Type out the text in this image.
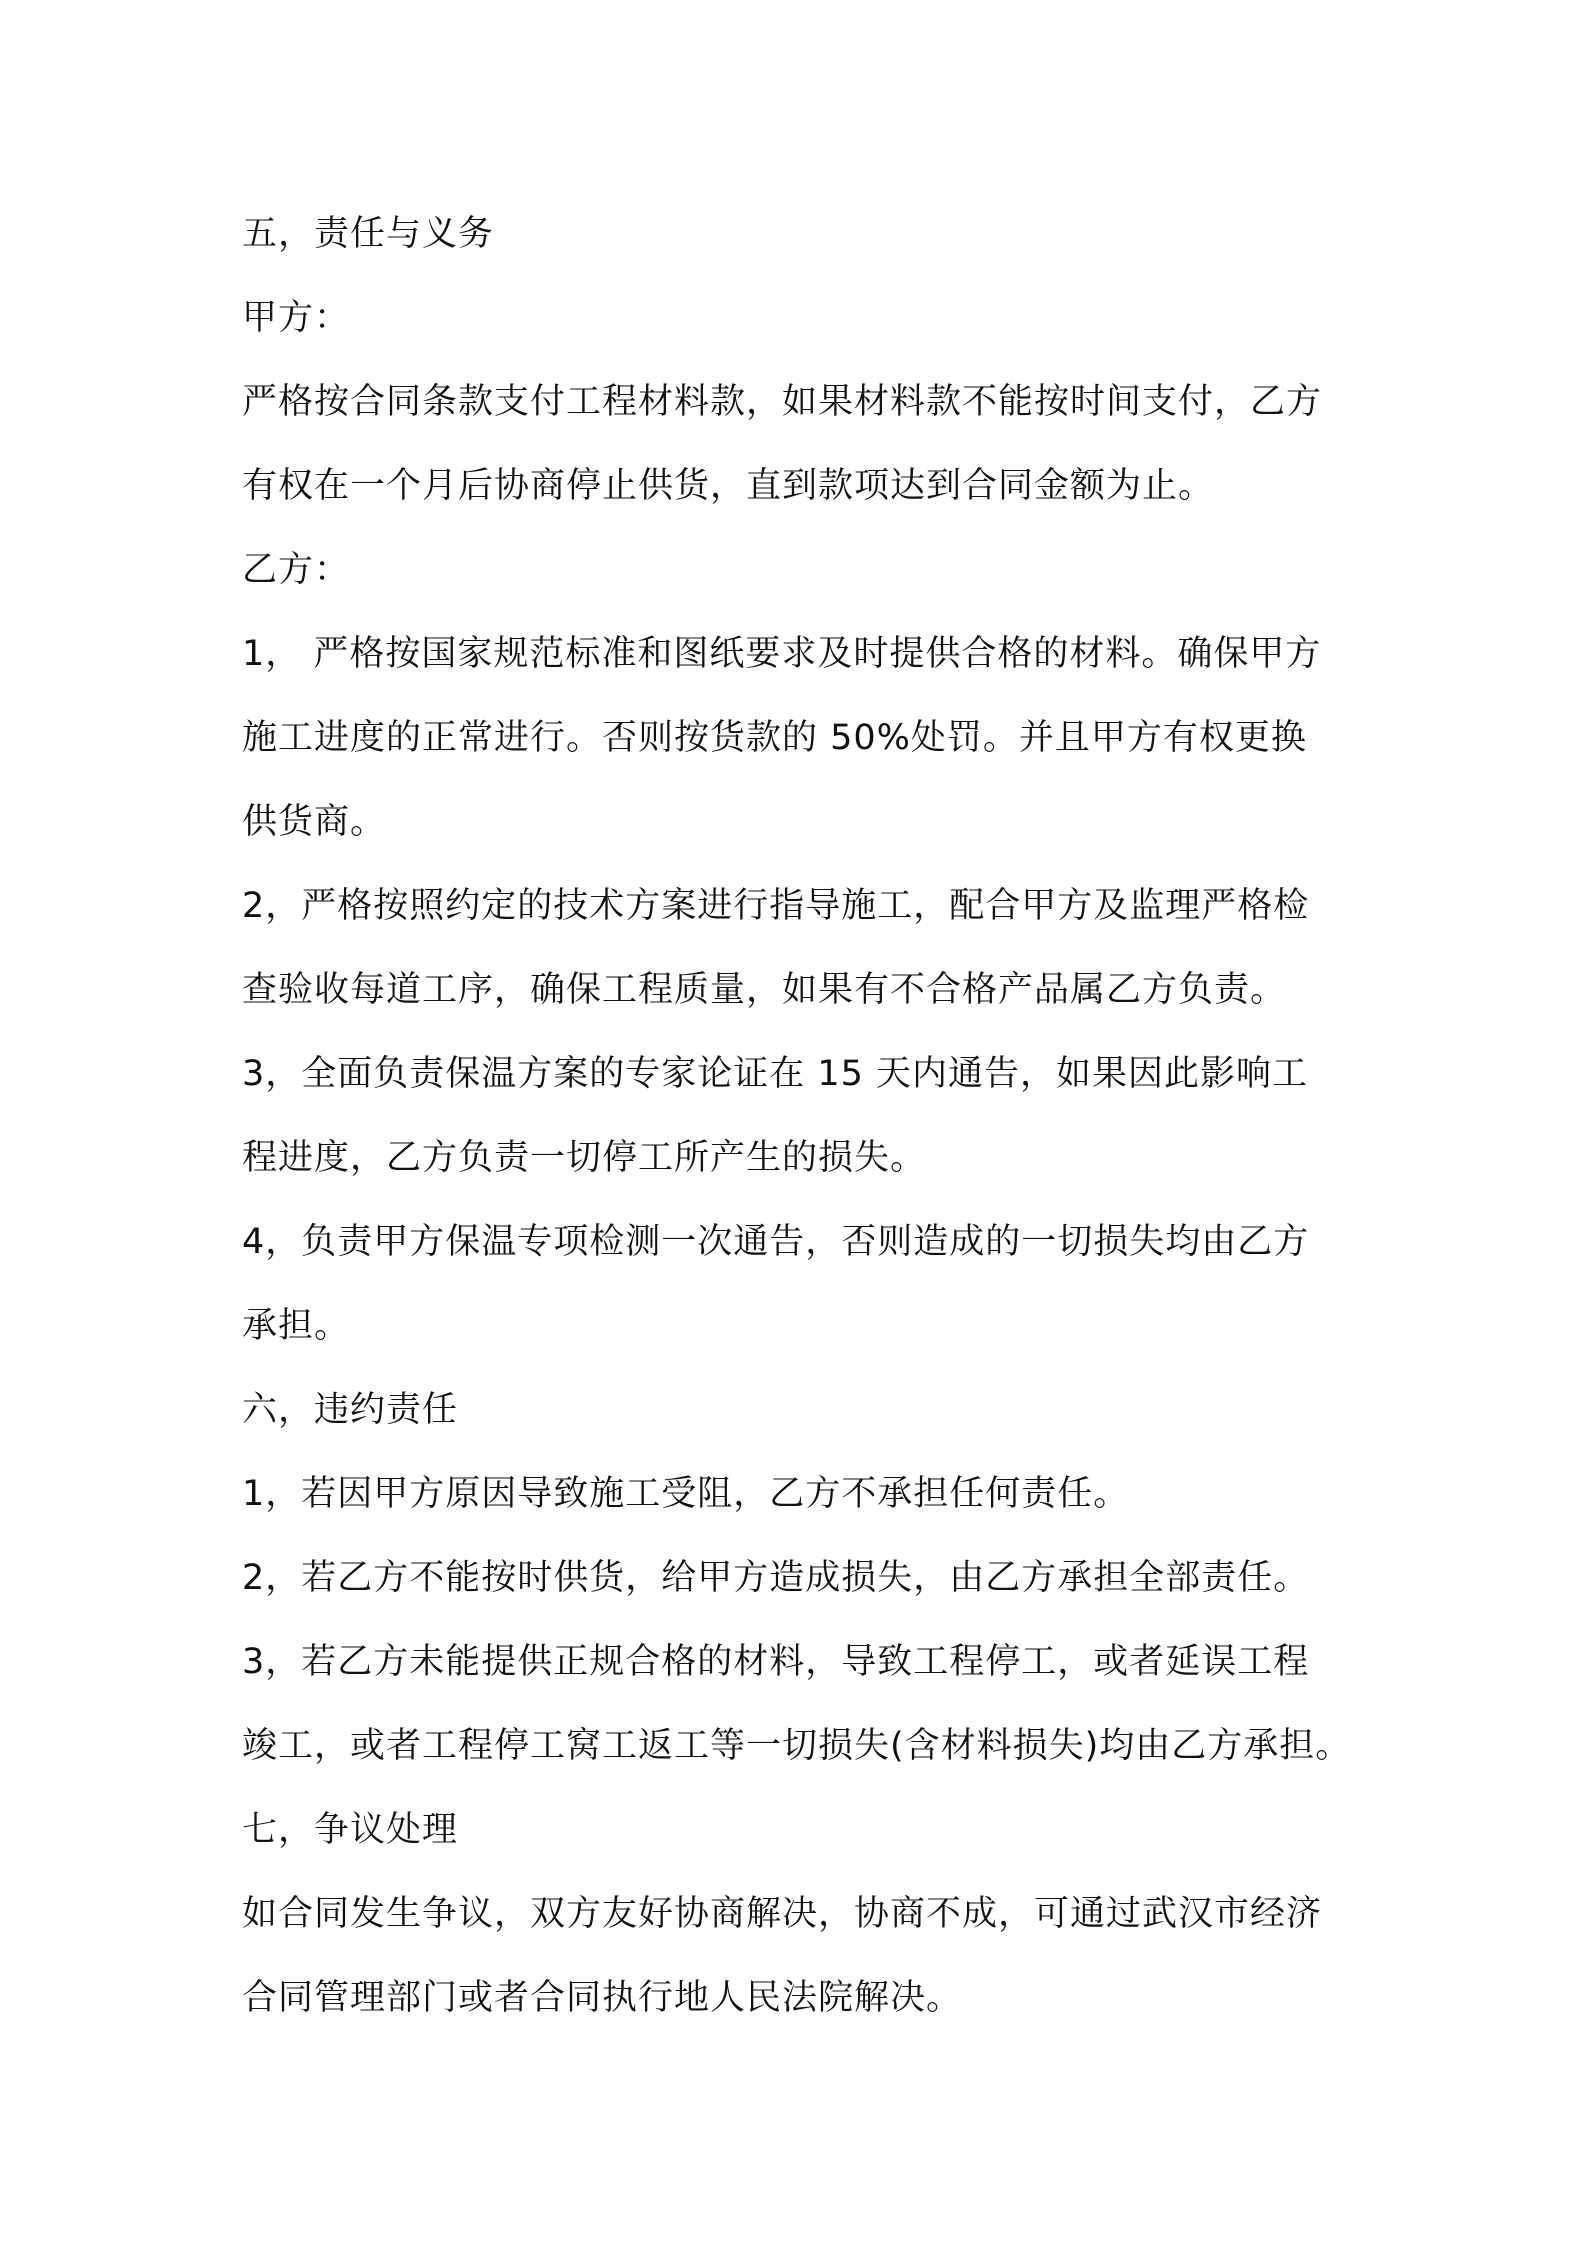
五，责任与义务
甲方：
严格按合同条款支付工程材料款，如果材料款不能按时间支付，乙方
有权在一个月后协商停止供货，直到款项达到合同金额为止。
乙方：
1， 严格按国家规范标准和图纸要求及时提供合格的材料。确保甲方
施工进度的正常进行。否则按货款的 50%处罚。并且甲方有权更换
供货商。
2，严格按照约定的技术方案进行指导施工，配合甲方及监理严格检
查验收每道工序，确保工程质量，如果有不合格产品属乙方负责。
3，全面负责保温方案的专家论证在 15 天内通告，如果因此影响工
程进度，乙方负责一切停工所产生的损失。
4，负责甲方保温专项检测一次通告，否则造成的一切损失均由乙方
承担。
六，违约责任
1，若因甲方原因导致施工受阻，乙方不承担任何责任。
2，若乙方不能按时供货，给甲方造成损失，由乙方承担全部责任。
3，若乙方未能提供正规合格的材料，导致工程停工，或者延误工程
竣工，或者工程停工窝工返工等一切损失(含材料损失)均由乙方承担。
七，争议处理
如合同发生争议，双方友好协商解决，协商不成，可通过武汉市经济
合同管理部门或者合同执行地人民法院解决。
